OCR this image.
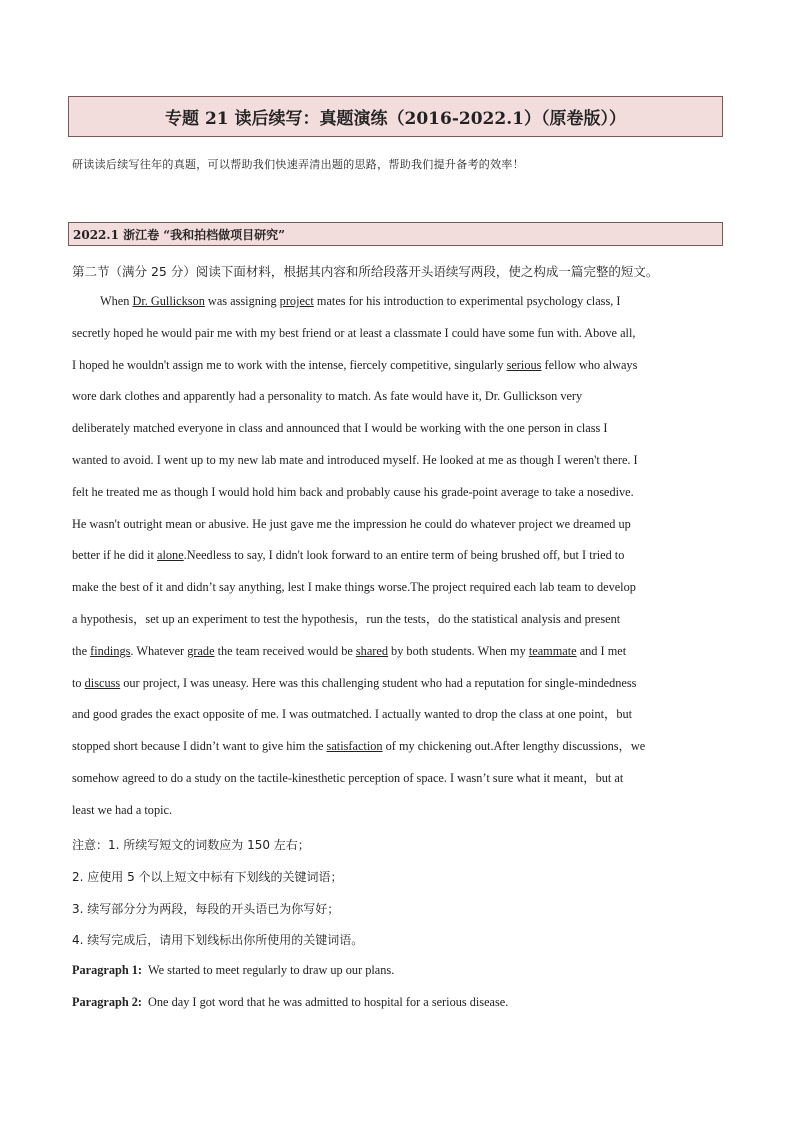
专题 21 读后续写：真题演练（2016-2022.1）（原卷版））
研读读后续写往年的真题，可以帮助我们快速弄清出题的思路，帮助我们提升备考的效率！
2022.1 浙江卷 “我和拍档做项目研究”
第二节（满分 25 分）阅读下面材料，根据其内容和所给段落开头语续写两段，使之构成一篇完整的短文。
When Dr. Gullickson was assigning project mates for his introduction to experimental psychology class, I
secretly hoped he would pair me with my best friend or at least a classmate I could have some fun with. Above all,
I hoped he wouldn't assign me to work with the intense, fiercely competitive, singularly serious fellow who always
wore dark clothes and apparently had a personality to match. As fate would have it, Dr. Gullickson very
deliberately matched everyone in class and announced that I would be working with the one person in class I
wanted to avoid. I went up to my new lab mate and introduced myself. He looked at me as though I weren't there. I
felt he treated me as though I would hold him back and probably cause his grade-point average to take a nosedive.
He wasn't outright mean or abusive. He just gave me the impression he could do whatever project we dreamed up
better if he did it alone.Needless to say, I didn't look forward to an entire term of being brushed off, but I tried to
make the best of it and didn’t say anything, lest I make things worse.The project required each lab team to develop
a hypothesis，set up an experiment to test the hypothesis，run the tests，do the statistical analysis and present
the findings. Whatever grade the team received would be shared by both students. When my teammate and I met
to discuss our project, I was uneasy. Here was this challenging student who had a reputation for single-mindedness
and good grades the exact opposite of me. I was outmatched. I actually wanted to drop the class at one point，but
stopped short because I didn’t want to give him the satisfaction of my chickening out.After lengthy discussions，we
somehow agreed to do a study on the tactile-kinesthetic perception of space. I wasn’t sure what it meant，but at
least we had a topic.
注意：1. 所续写短文的词数应为 150 左右；
2. 应使用 5 个以上短文中标有下划线的关键词语；
3. 续写部分分为两段，每段的开头语已为你写好；
4. 续写完成后，请用下划线标出你所使用的关键词语。
Paragraph 1: We started to meet regularly to draw up our plans.
Paragraph 2: One day I got word that he was admitted to hospital for a serious disease.
